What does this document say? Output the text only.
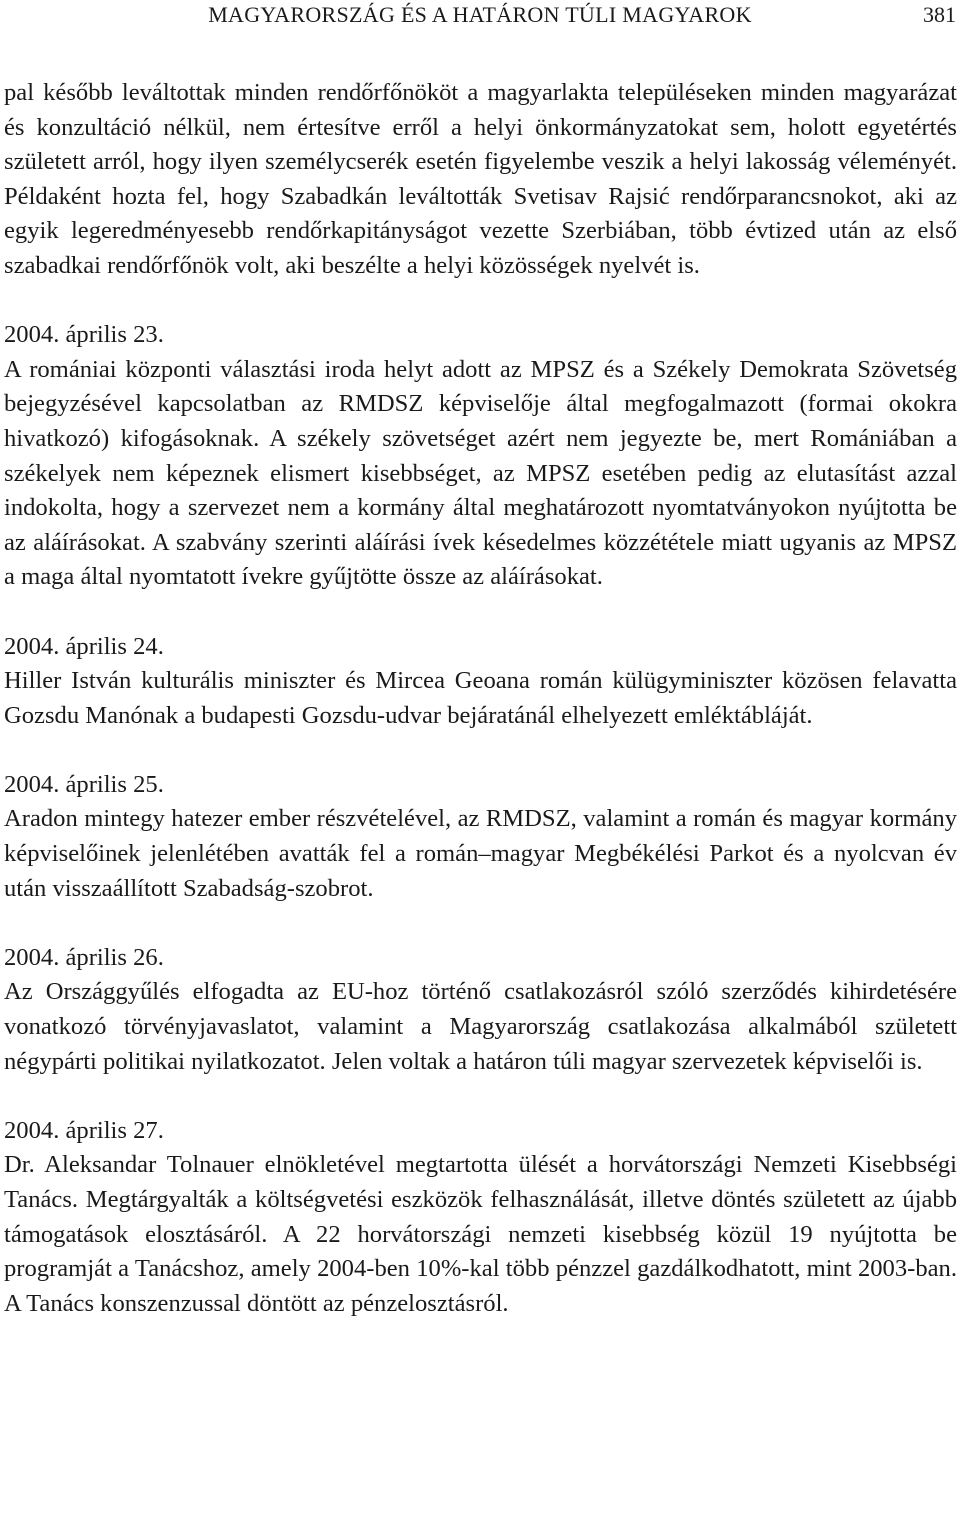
MAGYARORSZÁG ÉS A HATÁRON TÚLI MAGYAROK	381

pal később leváltottak minden rendőrfőnököt a magyarlakta településeken minden magyarázat és konzultáció nélkül, nem értesítve erről a helyi önkormányzatokat sem, holott egyetértés született arról, hogy ilyen személycserék esetén figyelembe veszik a helyi lakosság véleményét. Példaként hozta fel, hogy Szabadkán leváltották Svetisav Rajsić rendőrparancsnokot, aki az egyik legeredményesebb rendőrkapitányságot vezette Szerbiában, több évtized után az első szabadkai rendőrfőnök volt, aki beszélte a helyi közösségek nyelvét is.

2004. április 23.

A romániai központi választási iroda helyt adott az MPSZ és a Székely Demokrata Szövetség bejegyzésével kapcsolatban az RMDSZ képviselője által megfogalmazott (formai okokra hivatkozó) kifogásoknak. A székely szövetséget azért nem jegyezte be, mert Romániában a székelyek nem képeznek elismert kisebbséget, az MPSZ esetében pedig az elutasítást azzal indokolta, hogy a szervezet nem a kormány által meghatározott nyomtatványokon nyújtotta be az aláírásokat. A szabvány szerinti aláírási ívek késedelmes közzététele miatt ugyanis az MPSZ a maga által nyomtatott ívekre gyűjtötte össze az aláírásokat.

2004. április 24.

Hiller István kulturális miniszter és Mircea Geoana román külügyminiszter közösen felavatta Gozsdu Manónak a budapesti Gozsdu-udvar bejáratánál elhelyezett emléktábláját.

2004. április 25.

Aradon mintegy hatezer ember részvételével, az RMDSZ, valamint a román és magyar kormány képviselőinek jelenlétében avatták fel a román–magyar Megbékélési Parkot és a nyolcvan év után visszaállított Szabadság-szobrot.

2004. április 26.

Az Országgyűlés elfogadta az EU-hoz történő csatlakozásról szóló szerződés kihirdetésére vonatkozó törvényjavaslatot, valamint a Magyarország csatlakozása alkalmából született négypárti politikai nyilatkozatot. Jelen voltak a határon túli magyar szervezetek képviselői is.

2004. április 27.

Dr. Aleksandar Tolnauer elnökletével megtartotta ülését a horvátországi Nemzeti Kisebbségi Tanács. Megtárgyalták a költségvetési eszközök felhasználását, illetve döntés született az újabb támogatások elosztásáról. A 22 horvátországi nemzeti kisebbség közül 19 nyújtotta be programját a Tanácshoz, amely 2004-ben 10%-kal több pénzzel gazdálkodhatott, mint 2003-ban. A Tanács konszenzussal döntött az pénzelosztásról.
